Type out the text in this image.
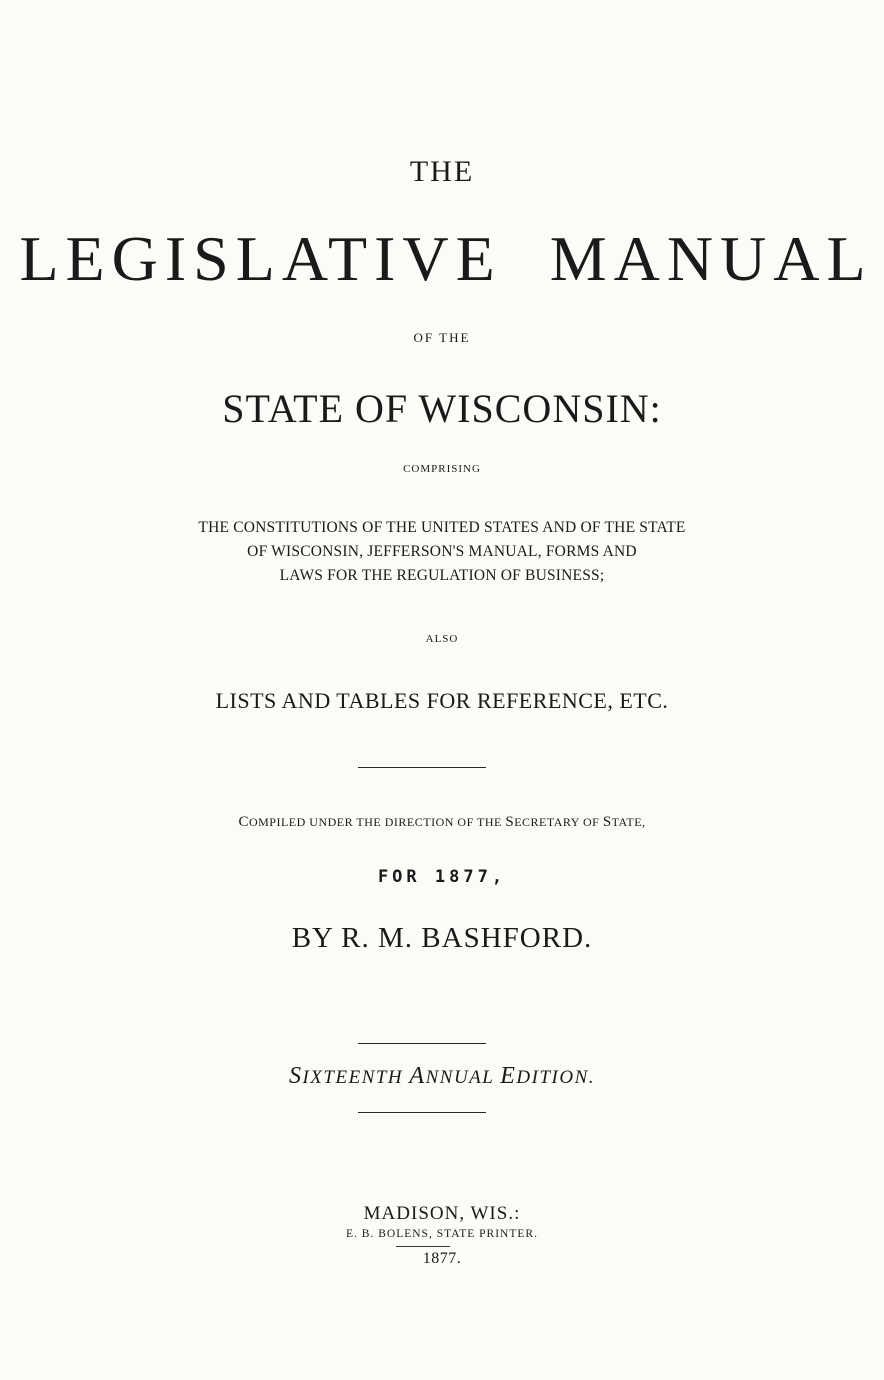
THE

LEGISLATIVE MANUAL

OF THE

STATE OF WISCONSIN:

COMPRISING

THE CONSTITUTIONS OF THE UNITED STATES AND OF THE STATE
OF WISCONSIN, JEFFERSON'S MANUAL, FORMS AND
LAWS FOR THE REGULATION OF BUSINESS;

ALSO

LISTS AND TABLES FOR REFERENCE, ETC.

COMPILED UNDER THE DIRECTION OF THE SECRETARY OF STATE,

FOR 1877,

BY R. M. BASHFORD.

SIXTEENTH ANNUAL EDITION.

MADISON, WIS.:

E. B. BOLENS, STATE PRINTER.

1877.
